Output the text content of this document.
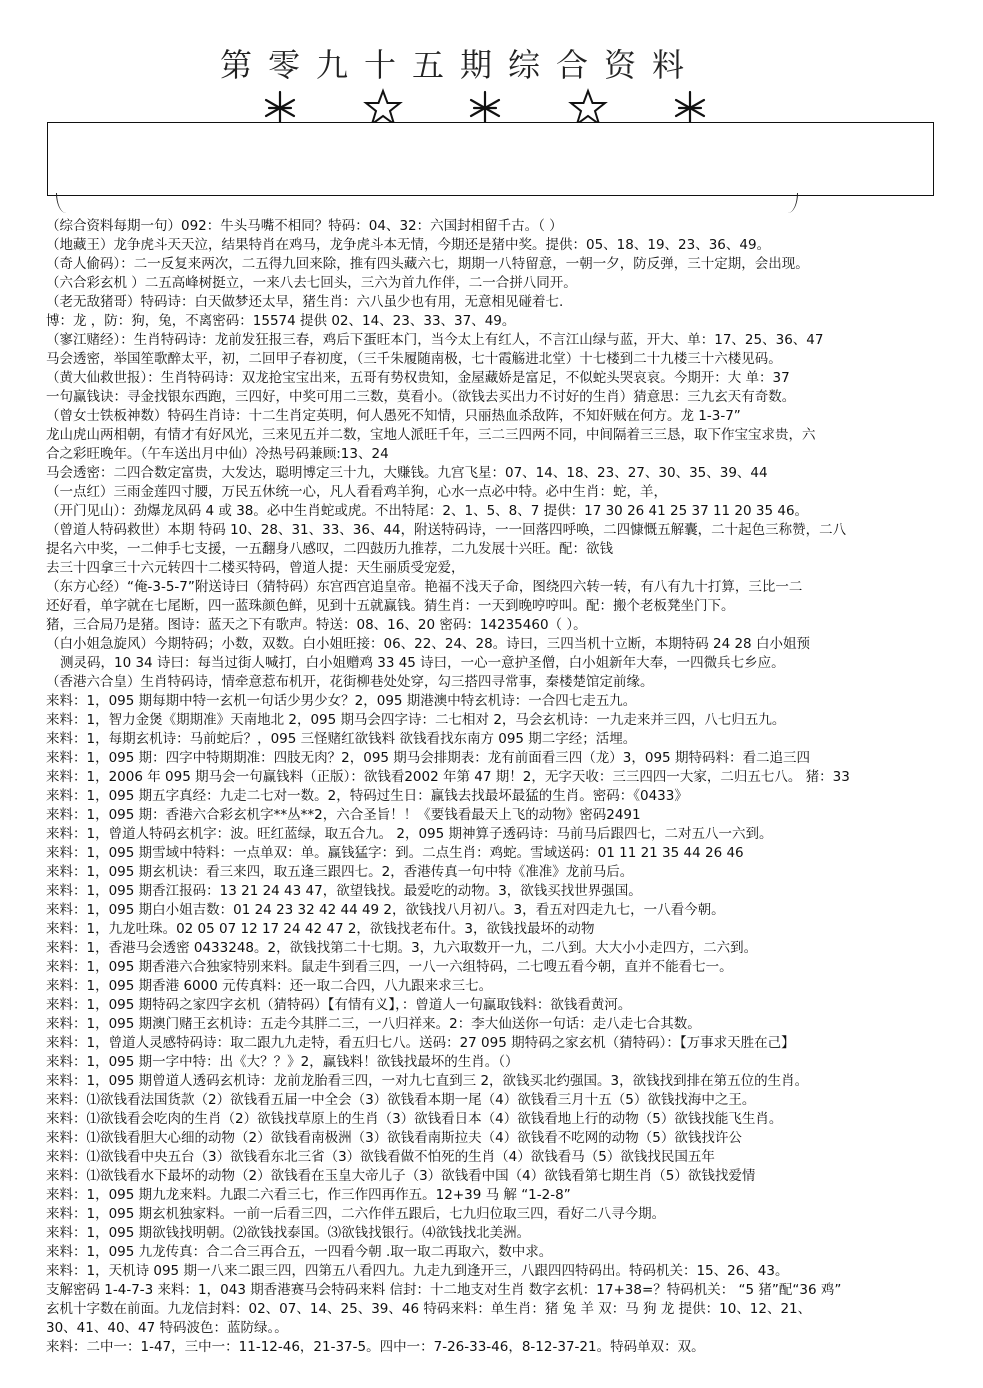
第零九十五期综合资料
（综合资料每期一句）092：牛头马嘴不相同？特码：04、32：六国封相留千古。（ ）
（地藏王）龙争虎斗天天泣，结果特肖在鸡马，龙争虎斗本无情，今期还是猪中奖。提供：05、18、19、23、36、49。
（奇人偷码）：二一反复来两次，二五得九回来除，推有四头藏六七，期期一八特留意，一朝一夕，防反弹，三十定期，会出现。
（六合彩玄机 ）二五高峰树挺立，一来八去七回头，三六为首九作伴，二一合拼八同开。
（老无敌猪哥）特码诗：白天做梦还太早，猪生肖：六八虽少也有用，无意相见碰着七.
博：龙 ，防：狗，兔，不离密码：15574 提供 02、14、23、33、37、49。
（寥江赌经）：生肖特码诗：龙前发狂报三春，鸡后下蛋旺本门，当今太上有红人，不言江山绿与蓝，开大、单：17、25、36、47
马会透密，举国笙歌醉太平，初，二回甲子春初度，（三千朱履随南极，七十霞觞进北堂）十七楼到二十九楼三十六楼见码。
（黄大仙救世报）：生肖特码诗：双龙抢宝宝出来，五哥有势权贵知，金屋藏娇是富足，不似蛇头哭哀哀。今期开：大 单：37
一句赢钱诀：寻金找银东西跑，三四好，中奖可用二三数，莫看小。（欲钱去买出力不讨好的生肖）猜意思：三九玄天有奇数。
（曾女士铁板神数）特码生肖诗：十二生肖定英明，何人愚死不知情，只丽热血杀敌阵，不知奸贼在何方。龙 1-3-7”
龙山虎山两相朝，有情才有好风光，三来见五并二数，宝地人派旺千年，三二三四两不同，中间隔着三三恳，取下作宝宝求贵，六
合之彩旺晚年。（午车送出月中仙）冷热号码兼顾:13、24
马会透密：二四合数定富贵，大发达，聪明博定三十九，大赚钱。九宫飞星：07、14、18、23、27、30、35、39、44
（一点红）三雨金莲四寸腰，万民五休统一心，凡人看看鸡羊狗，心水一点必中特。必中生肖：蛇，羊，
（开门见山）：劲爆龙凤码 4 或 38。必中生肖蛇或虎。不出特尾：2、1、5、8、7 提供：17 30 26 41 25 37 11 20 35 46。
（曾道人特码救世）本期 特码 10、28、31、33、36、44，附送特码诗，一一回落四呼唤，二四慷慨五解囊，二十起色三称赞，二八
提名六中奖，一二伸手七支援，一五翻身八感叹，二四鼓历九推荐，二九发展十兴旺。配：欲钱
去三十四拿三十六元转四十二楼买特码，曾道人提：天生丽质受宠爱，
（东方心经）“俺-3-5-7”附送诗曰（猜特码）东宫西宫追皇帝。艳福不浅天子命，图绕四六转一转，有八有九十打算，三比一二
还好看，单字就在七尾断，四一蓝珠颜色鲜，见到十五就赢钱。猜生肖：一天到晚哼哼叫。配：搬个老板凳坐门下。
猪，三合局乃是猪。图诗：蓝天之下有歌声。特送：08、16、20 密码：14235460（ ）。
（白小姐急旋风）今期特码；小数，双数。白小姐旺接：06、22、24、28。诗曰，三四当机十立断，本期特码 24 28 白小姐预
测灵码，10 34 诗曰：每当过街人喊打，白小姐赠鸡 33 45 诗曰，一心一意护圣僧，白小姐新年大奉，一四微兵七乡应。
（香港六合皇）生肖特码诗，情牵意惹布机开，花街柳巷处处穿，勾三搭四寻常事，秦楼楚馆定前缘。
来料：1，095 期每期中特一玄机一句话少男少女？2，095 期港澳中特玄机诗：一合四七走五九。
来料：1，智力金煲《期期准》天南地北 2，095 期马会四字诗：二七相对 2，马会玄机诗：一九走来并三四，八七归五九。
来料：1，每期玄机诗：马前蛇后？，095 三怪赌红欲钱料 欲钱看找东南方 095 期二字经；活埋。
来料：1，095 期：四字中特期期准：四肢无肉？2，095 期马会排期表：龙有前面看三四（龙）3，095 期特码料：看二追三四
来料：1，2006 年 095 期马会一句赢钱料（正版）：欲钱看2002 年第 47 期！2，无字天收：三三四四一大家，二归五七八。 猪：33
来料：1，095 期五字真经：九走二七对一数。2，特码过生日：赢钱去找最坏最猛的生肖。密码：《0433》
来料：1，095 期：香港六合彩玄机字**丛**2，六合圣旨！！《要钱看最天上飞的动物》密码2491
来料：1，曾道人特码玄机字：波。旺红蓝绿，取五合九。 2，095 期神算子透码诗：马前马后跟四七，二对五八一六到。
来料：1，095 期雪域中特料：一点单双：单。赢钱猛字：到。二点生肖：鸡蛇。雪域送码：01 11 21 35 44 26 46
来料：1，095 期玄机诀：看三来四，取五逢三跟四七。2，香港传真一句中特《准准》龙前马后。
来料：1，095 期香江报码：13 21 24 43 47，欲望钱找。最爱吃的动物。3，欲钱买找世界强国。
来料：1，095 期白小姐吉数：01 24 23 32 42 44 49 2，欲钱找八月初八。3，看五对四走九七，一八看今朝。
来料：1，九龙吐珠。02 05 07 12 17 24 42 47 2，欲钱找老布什。3，欲钱找最坏的动物
来料：1，香港马会透密 0433248。2，欲钱找第二十七期。3，九六取数开一九，二八到。大大小小走四方，二六到。
来料：1，095 期香港六合独家特别来料。鼠走牛到看三四，一八一六组特码，二七嗖五看今朝，直并不能看七一。
来料：1，095 期香港 6000 元传真料：还一取二合四，八九跟来求三七。
来料：1，095 期特码之家四字玄机（猜特码）【有情有义】，：曾道人一句赢取钱料：欲钱看黄河。
来料：1，095 期澳门赌王玄机诗：五走今其胖二三，一八归祥来。2：李大仙送你一句话：走八走七合其数。
来料：1，曾道人灵感特码诗：取二跟九九走特，看五归七八。送码：27 095 期特码之家玄机（猜特码）：【万事求天胜在己】
来料：1，095 期一字中特：出《大？？》2，赢钱料！欲钱找最坏的生肖。（）
来料：1，095 期曾道人透码玄机诗：龙前龙胎看三四，一对九七直到三 2，欲钱买北约强国。3，欲钱找到排在第五位的生肖。
来料：⑴欲钱看法国货款（2）欲钱看五届一中全会（3）欲钱看本期一尾（4）欲钱看三月十五（5）欲钱找海中之王。
来料：⑴欲钱看会吃肉的生肖（2）欲钱找草原上的生肖（3）欲钱看日本（4）欲钱看地上行的动物（5）欲钱找能飞生肖。
来料：⑴欲钱看胆大心细的动物（2）欲钱看南极洲（3）欲钱看南斯拉夫（4）欲钱看不吃网的动物（5）欲钱找许公
来料：⑴欲钱看中央五台（3）欲钱看东北三省（3）欲钱看做不怕死的生肖（4）欲钱看马（5）欲钱找民国五年
来料：⑴欲钱看水下最坏的动物（2）欲钱看在玉皇大帝儿子（3）欲钱看中国（4）欲钱看第七期生肖（5）欲钱找爱情
来料：1，095 期九龙来料。九跟二六看三七，作三作四再作五。12+39 马 解 “1-2-8”
来料：1，095 期玄机独家料。一前一后看三四，二六作伴五跟后，七九归位取三四，看好二八寻今期。
来料：1，095 期欲钱找明朝。⑵欲钱找泰国。⑶欲钱找银行。⑷欲钱找北美洲。
来料：1，095 九龙传真：合二合三再合五，一四看今朝 .取一取二再取六，数中求。
来料：1，天机诗 095 期一八来二跟三四，四第五八看四九。九走九到逢开三，八跟四四特码出。特码机关：15、26、43。
支解密码 1-4-7-3 来料：1，043 期香港赛马会特码来料 信封：十二地支对生肖 数字玄机：17+38=？特码机关： “5 猪”配“36 鸡”
玄机十字数在前面。九龙信封料：02、07、14、25、39、46 特码来料：单生肖：猪 兔 羊 双：马 狗 龙 提供：10、12、21、
30、41、40、47 特码波色：蓝防绿。。
来料：二中一：1-47，三中一：11-12-46，21-37-5。四中一：7-26-33-46，8-12-37-21。特码单双：双。
